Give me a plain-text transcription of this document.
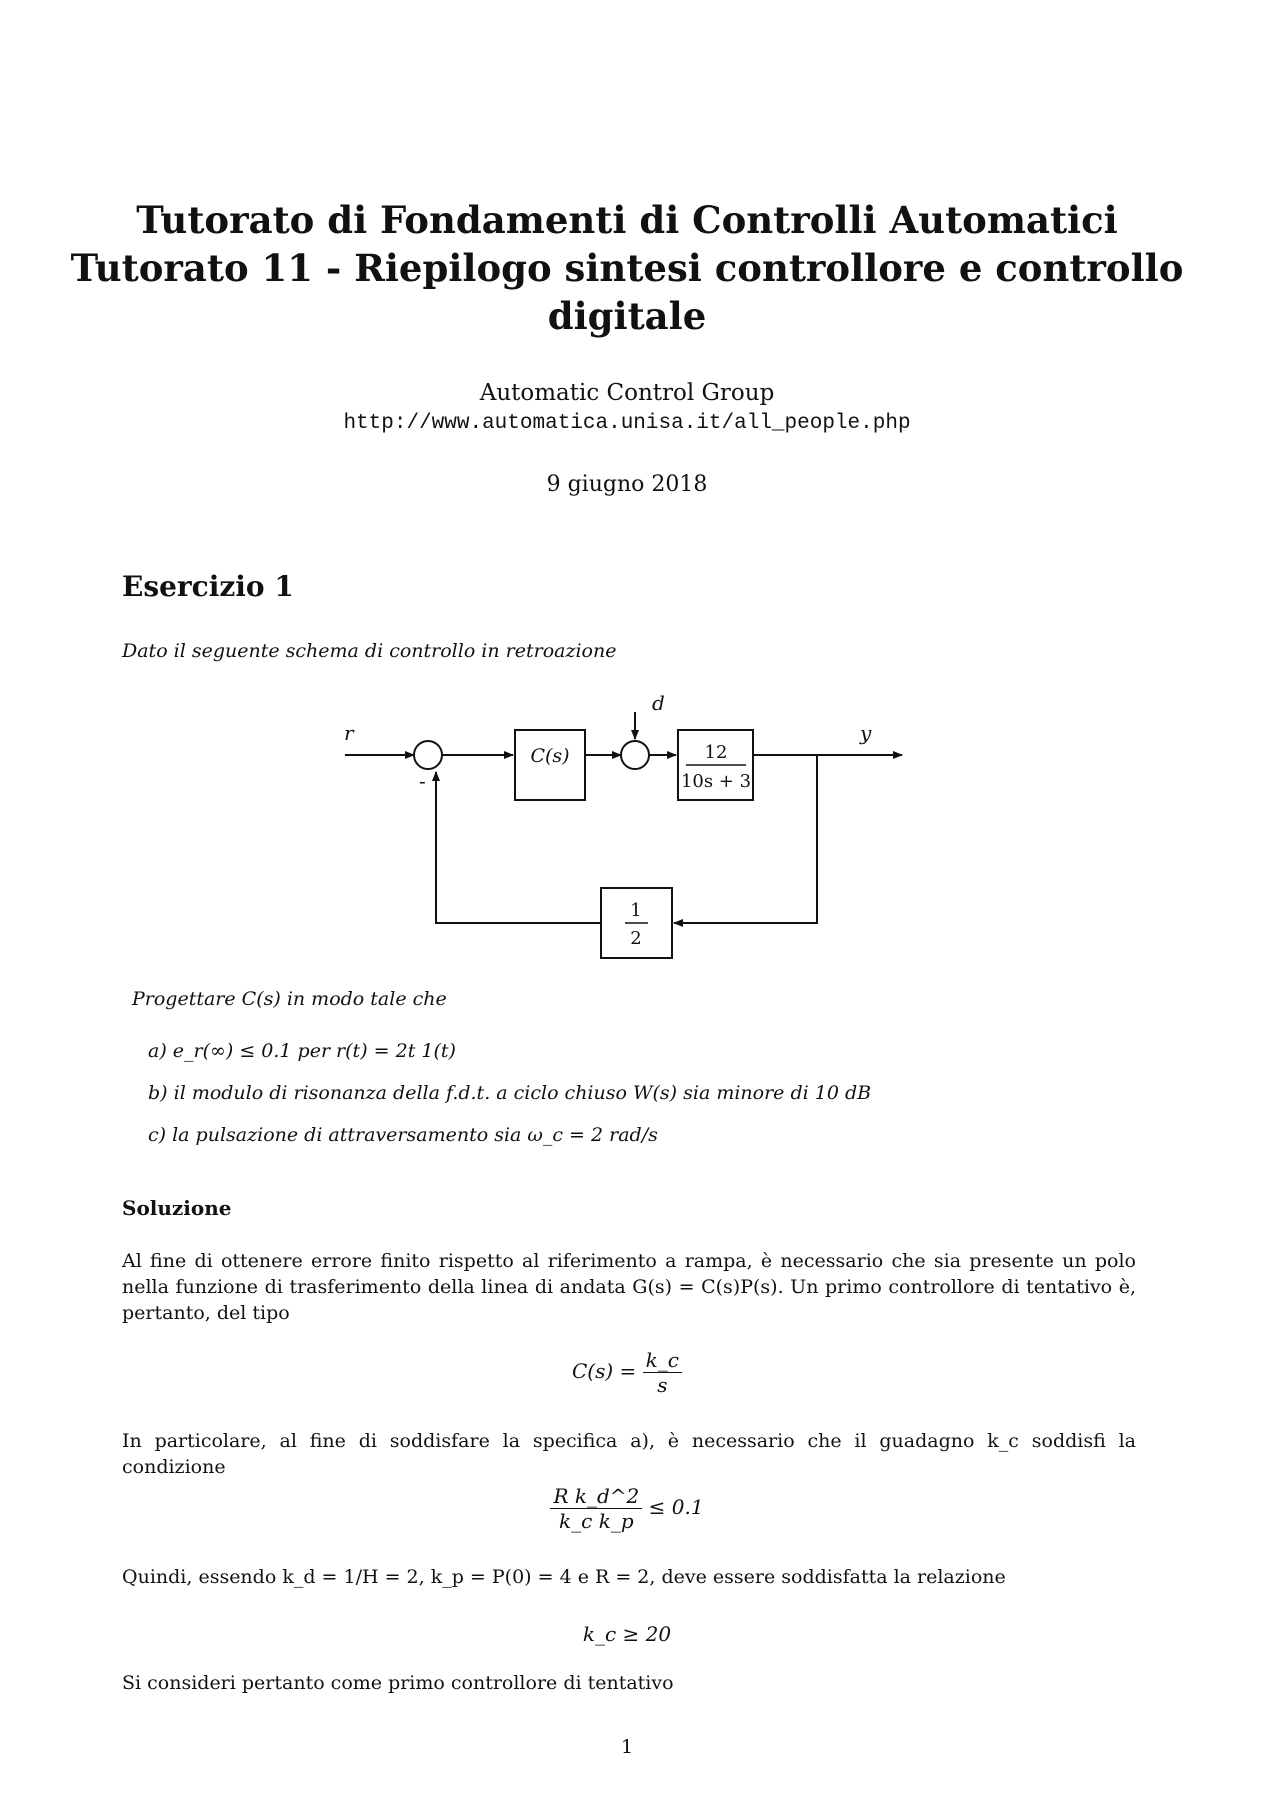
Tutorato di Fondamenti di Controlli Automatici
Tutorato 11 - Riepilogo sintesi controllore e controllo
digitale
Automatic Control Group
http://www.automatica.unisa.it/all_people.php
9 giugno 2018
Esercizio 1
Dato il seguente schema di controllo in retroazione
r
-
d
y
C(s)	12
10s + 3
1
2
Progettare C(s) in modo tale che
a) e_r(∞) ≤ 0.1 per r(t) = 2t 1(t)
b) il modulo di risonanza della f.d.t. a ciclo chiuso W(s) sia minore di 10 dB
c) la pulsazione di attraversamento sia ω_c = 2 rad/s
Soluzione
Al fine di ottenere errore finito rispetto al riferimento a rampa, è necessario che sia presente un polo nella funzione di trasferimento della linea di andata G(s) = C(s)P(s). Un primo controllore di tentativo è, pertanto, del tipo
$C(s) = \frac{k\_c}{s}$
In particolare, al fine di soddisfare la specifica a), è necessario che il guadagno k_c soddisfi la condizione
$\frac{\text{R k\_d\textasciicircum{}2}}{\text{k\_c k\_p}} \le 0.1$
Quindi, essendo k_d = 1/H = 2, k_p = P(0) = 4 e R = 2, deve essere soddisfatta la relazione
k_c ≥ 20
Si consideri pertanto come primo controllore di tentativo
1
